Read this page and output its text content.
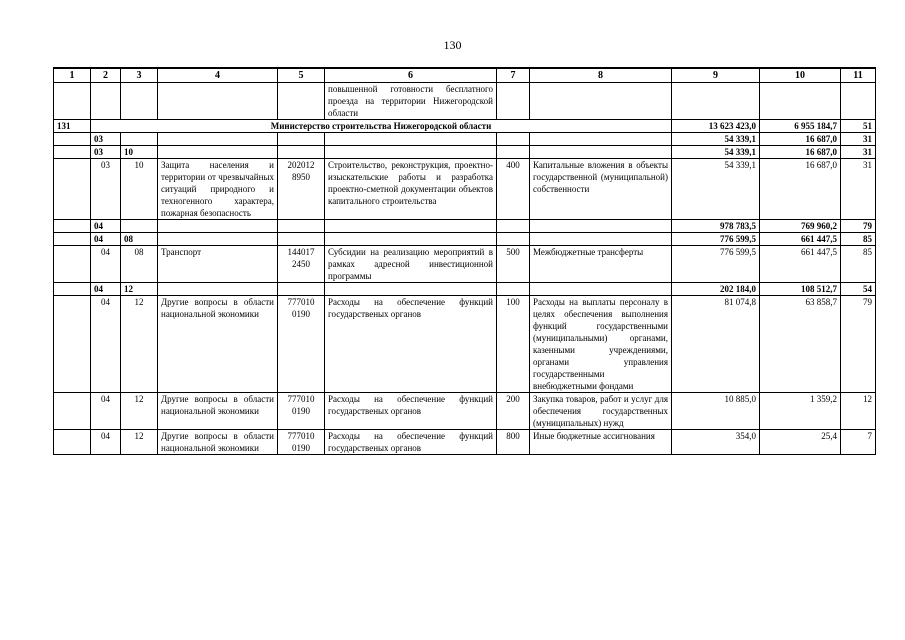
130
1	2	3	4	5	6	7	8	9	10	11
					повышенной готовности бесплатного проезда на территории Нижегородской области					
131	Министерство строительства Нижегородской области							13 623 423,0	6 955 184,7	51
	03							54 339,1	16 687,0	31
	03	10						54 339,1	16 687,0	31
	03	10	Защита населения и территории от чрезвычайных ситуаций природного и техногенного характера, пожарная безопасность	202012 8950	Строительство, реконструкция, проектно-изыскательские работы и разработка проектно-сметной документации объектов капитального строительства	400	Капитальные вложения в объекты государственной (муниципальной) собственности	54 339,1	16 687,0	31
	04							978 783,5	769 960,2	79
	04	08						776 599,5	661 447,5	85
	04	08	Транспорт	144017 2450	Субсидии на реализацию мероприятий в рамках адресной инвестиционной программы	500	Межбюджетные трансферты	776 599,5	661 447,5	85
	04	12						202 184,0	108 512,7	54
	04	12	Другие вопросы в области национальной экономики	777010 0190	Расходы на обеспечение функций государственых органов	100	Расходы на выплаты персоналу в целях обеспечения выполнения функций государственными (муниципальными) органами, казенными учреждениями, органами управления государственными внебюджетными фондами	81 074,8	63 858,7	79
	04	12	Другие вопросы в области национальной экономики	777010 0190	Расходы на обеспечение функций государственых органов	200	Закупка товаров, работ и услуг для обеспечения государственных (муниципальных) нужд	10 885,0	1 359,2	12
	04	12	Другие вопросы в области национальной экономики	777010 0190	Расходы на обеспечение функций государственых органов	800	Иные бюджетные ассигнования	354,0	25,4	7
